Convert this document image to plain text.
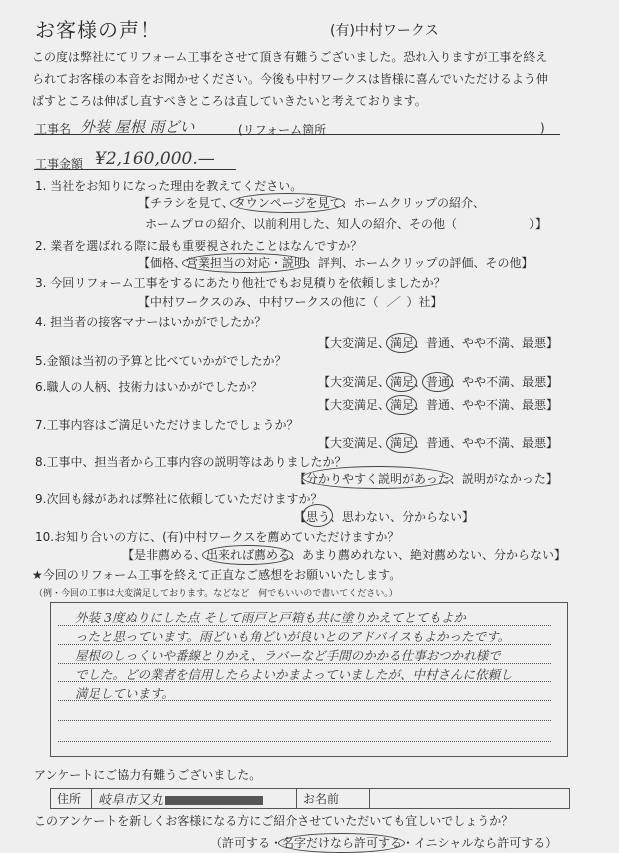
お客様の声！	(有)中村ワークス
この度は弊社にてリフォーム工事をさせて頂き有難うございました。恐れ入りますが工事を終え
られてお客様の本音をお聞かせください。今後も中村ワークスは皆様に喜んでいただけるよう伸
ばすところは伸ばし直すべきところは直していきたいと考えております。
工事名 外装 屋根 雨どい	(リフォーム箇所	)
工事金額 ¥2,160,000.—
1. 当社をお知りになった理由を教えてください。
【チラシを見て、タウンページを見て
、ホームクリップの紹介、
ホームプロの紹介、以前利用した、知人の紹介、その他（　　　　　　）】
2. 業者を選ばれる際に最も重要視されたことはなんですか？
【価格、営業担当の対応・説明
、評判、ホームクリップの評価、その他】
3. 今回リフォーム工事をするにあたり他社でもお見積りを依頼しましたか？
【中村ワークスのみ、中村ワークスの他に（ ／ ）社】
4. 担当者の接客マナーはいかがでしたか？
【大変満足、満足
、普通、やや不満、最悪】
5.金額は当初の予算と比べていかがでしたか？
【大変満足、満足
、普通
、やや不満、最悪】
6.職人の人柄、技術力はいかがでしたか？
【大変満足、満足
、普通、やや不満、最悪】
7.工事内容はご満足いただけましたでしょうか？
【大変満足、満足
、普通、やや不満、最悪】
8.工事中、担当者から工事内容の説明等はありましたか？
【分かりやすく説明があった
、説明がなかった】
9.次回も縁があれば弊社に依頼していただけますか？
【思う
、思わない、分からない】
10.お知り合いの方に、(有)中村ワークスを薦めていただけますか？
【是非薦める、出来れば薦める
、あまり薦めれない、絶対薦めない、分からない】
★今回のリフォーム工事を終えて正直なご感想をお願いいたします。
（例・今回の工事は大変満足しております。などなど　何でもいいので書いてください。）
外装 3度ぬりにした点 そして雨戸と戸箱も共に塗りかえてとてもよか
ったと思っています。雨どいも角どいが良いとのアドバイスもよかったです。
屋根のしっくいや番線とりかえ、ラバーなど手間のかかる仕事おつかれ様で
でした。どの業者を信用したらよいかまよっていましたが、中村さんに依頼し
満足しています。
アンケートにご協力有難うございました。
住所	岐阜市又丸	お名前	
このアンケートを新しくお客様になる方にご紹介させていただいても宜しいでしょうか？
（許可する・名字だけなら許可する
・イニシャルなら許可する）
